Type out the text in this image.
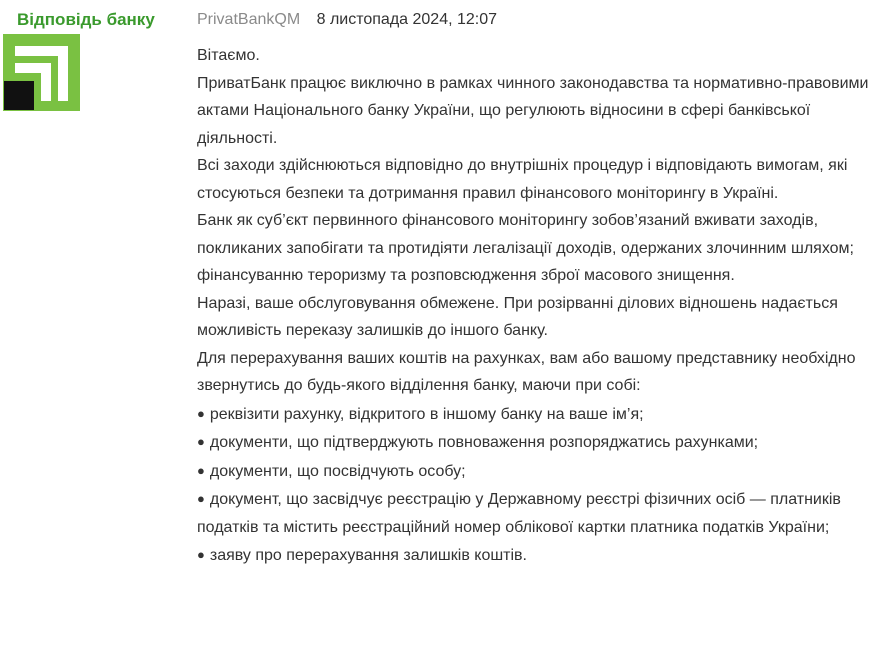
Відповідь банку	PrivatBankQM 8 листопада 2024, 12:07

Вітаємо.

ПриватБанк працює виключно в рамках чинного законодавства та нормативно-правовими актами Національного банку України, що регулюють відносини в сфері банківської діяльності.

Всі заходи здійснюються відповідно до внутрішніх процедур і відповідають вимогам, які стосуються безпеки та дотримання правил фінансового моніторингу в Україні.

Банк як суб’єкт первинного фінансового моніторингу зобов’язаний вживати заходів, покликаних запобігати та протидіяти легалізації доходів, одержаних злочинним шляхом; фінансуванню тероризму та розповсюдження зброї масового знищення.

Наразі, ваше обслуговування обмежене. При розірванні ділових відношень надається можливість переказу залишків до іншого банку.

Для перерахування ваших коштів на рахунках, вам або вашому представнику необхідно звернутись до будь-якого відділення банку, маючи при собі:

● реквізити рахунку, відкритого в іншому банку на ваше ім’я;

● документи, що підтверджують повноваження розпоряджатись рахунками;

● документи, що посвідчують особу;

● документ, що засвідчує реєстрацію у Державному реєстрі фізичних осіб — платників податків та містить реєстраційний номер облікової картки платника податків України;

● заяву про перерахування залишків коштів.
